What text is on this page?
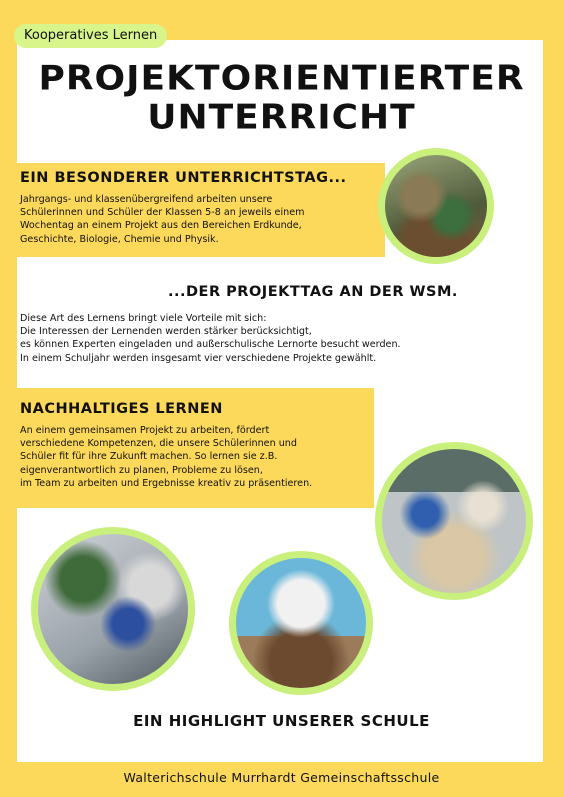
Kooperatives Lernen
PROJEKTORIENTIERTER
UNTERRICHT
EIN BESONDERER UNTERRICHTSTAG...
Jahrgangs- und klassenübergreifend arbeiten unsere
Schülerinnen und Schüler der Klassen 5-8 an jeweils einem
Wochentag an einem Projekt aus den Bereichen Erdkunde,
Geschichte, Biologie, Chemie und Physik.
...DER PROJEKTTAG AN DER WSM.
Diese Art des Lernens bringt viele Vorteile mit sich:
Die Interessen der Lernenden werden stärker berücksichtigt,
es können Experten eingeladen und außerschulische Lernorte besucht werden.
In einem Schuljahr werden insgesamt vier verschiedene Projekte gewählt.
NACHHALTIGES LERNEN
An einem gemeinsamen Projekt zu arbeiten, fördert
verschiedene Kompetenzen, die unsere Schülerinnen und
Schüler fit für ihre Zukunft machen. So lernen sie z.B.
eigenverantwortlich zu planen, Probleme zu lösen,
im Team zu arbeiten und Ergebnisse kreativ zu präsentieren.
EIN HIGHLIGHT UNSERER SCHULE
Walterichschule Murrhardt Gemeinschaftsschule
